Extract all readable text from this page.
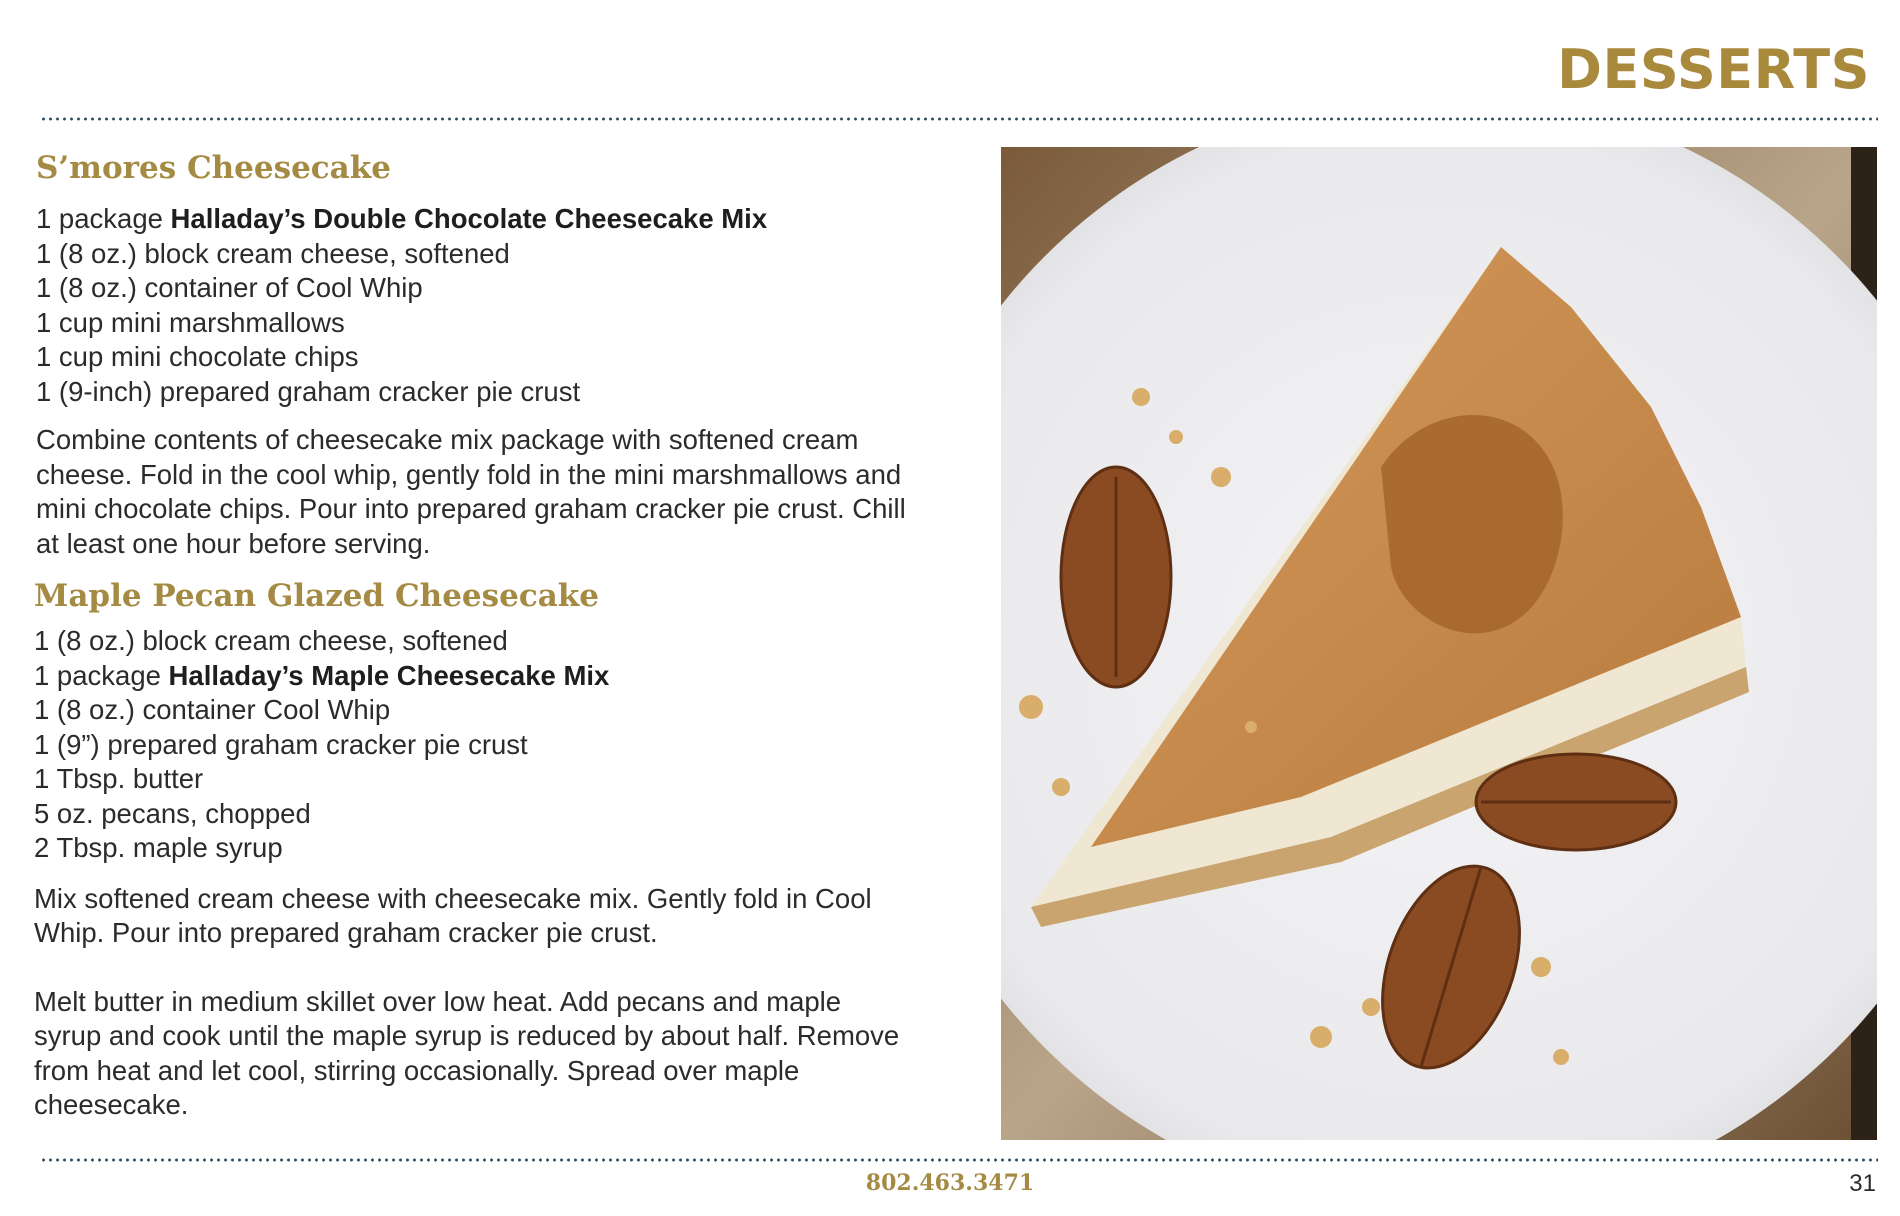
DESSERTS
S’mores Cheesecake
1 package Halladay’s Double Chocolate Cheesecake Mix
1 (8 oz.) block cream cheese, softened
1 (8 oz.) container of Cool Whip
1 cup mini marshmallows
1 cup mini chocolate chips
1 (9-inch) prepared graham cracker pie crust

Combine contents of cheesecake mix package with softened cream cheese. Fold in the cool whip, gently fold in the mini marshmallows and mini chocolate chips. Pour into prepared graham cracker pie crust. Chill at least one hour before serving.

Maple Pecan Glazed Cheesecake
1 (8 oz.) block cream cheese, softened
1 package Halladay’s Maple Cheesecake Mix
1 (8 oz.) container Cool Whip
1 (9”) prepared graham cracker pie crust
1 Tbsp. butter
5 oz. pecans, chopped
2 Tbsp. maple syrup

Mix softened cream cheese with cheesecake mix. Gently fold in Cool Whip. Pour into prepared graham cracker pie crust.

Melt butter in medium skillet over low heat. Add pecans and maple syrup and cook until the maple syrup is reduced by about half. Remove from heat and let cool, stirring occasionally. Spread over maple cheesecake.

802.463.3471	31
